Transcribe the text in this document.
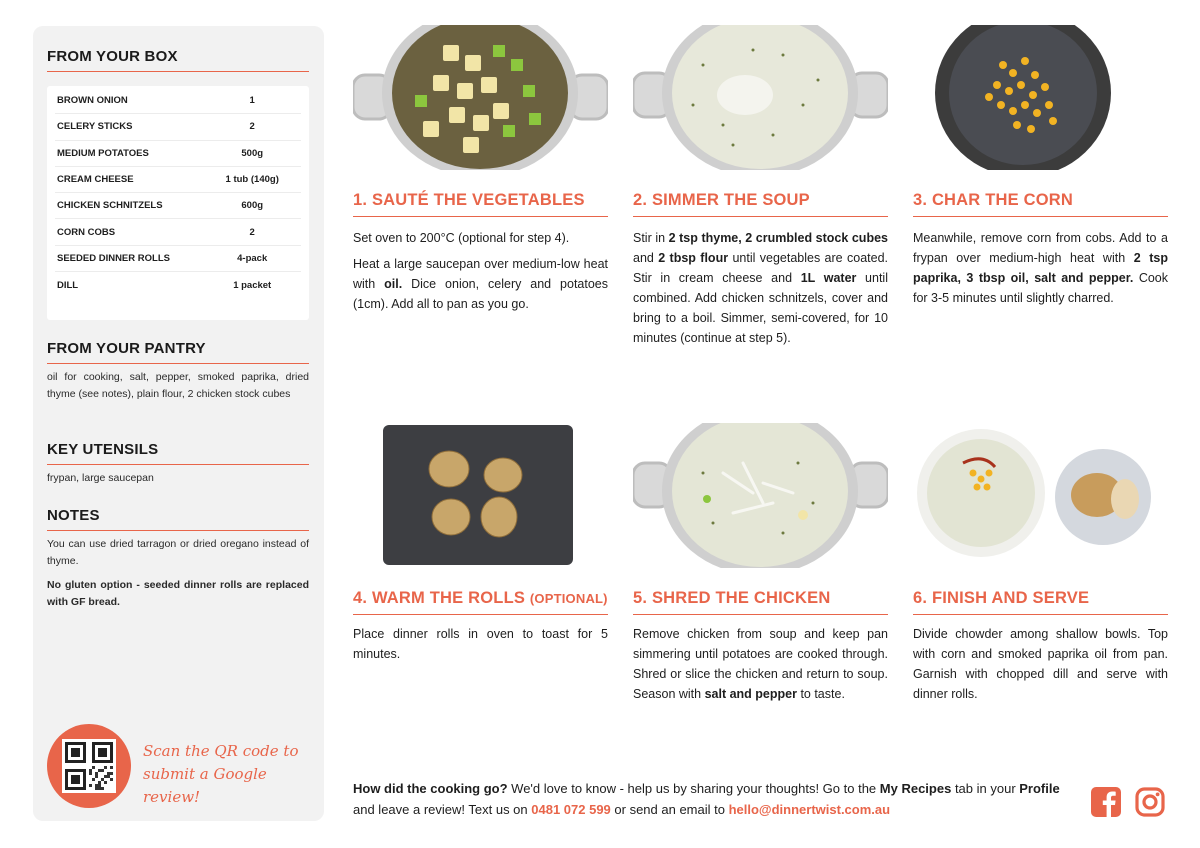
FROM YOUR BOX
BROWN ONION	1
CELERY STICKS	2
MEDIUM POTATOES	500g
CREAM CHEESE	1 tub (140g)
CHICKEN SCHNITZELS	600g
CORN COBS	2
SEEDED DINNER ROLLS	4-pack
DILL	1 packet
FROM YOUR PANTRY
oil for cooking, salt, pepper, smoked paprika, dried thyme (see notes), plain flour, 2 chicken stock cubes
KEY UTENSILS
frypan, large saucepan
NOTES
You can use dried tarragon or dried oregano instead of thyme.
No gluten option - seeded dinner rolls are replaced with GF bread.
Scan the QR code to
submit a Google review!
1. SAUTÉ THE VEGETABLES

Set oven to 200°C (optional for step 4).

Heat a large saucepan over medium-low heat with oil. Dice onion, celery and potatoes (1cm). Add all to pan as you go.

2. SIMMER THE SOUP

Stir in 2 tsp thyme, 2 crumbled stock cubes and 2 tbsp flour until vegetables are coated. Stir in cream cheese and 1L water until combined. Add chicken schnitzels, cover and bring to a boil. Simmer, semi-covered, for 10 minutes (continue at step 5).

3. CHAR THE CORN

Meanwhile, remove corn from cobs. Add to a frypan over medium-high heat with 2 tsp paprika, 3 tbsp oil, salt and pepper. Cook for 3-5 minutes until slightly charred.

4. WARM THE ROLLS (OPTIONAL)

Place dinner rolls in oven to toast for 5 minutes.

5. SHRED THE CHICKEN

Remove chicken from soup and keep pan simmering until potatoes are cooked through. Shred or slice the chicken and return to soup. Season with salt and pepper to taste.

6. FINISH AND SERVE

Divide chowder among shallow bowls. Top with corn and smoked paprika oil from pan. Garnish with chopped dill and serve with dinner rolls.

How did the cooking go? We'd love to know - help us by sharing your thoughts! Go to the My Recipes tab in your Profile and leave a review! Text us on 0481 072 599 or send an email to hello@dinnertwist.com.au
